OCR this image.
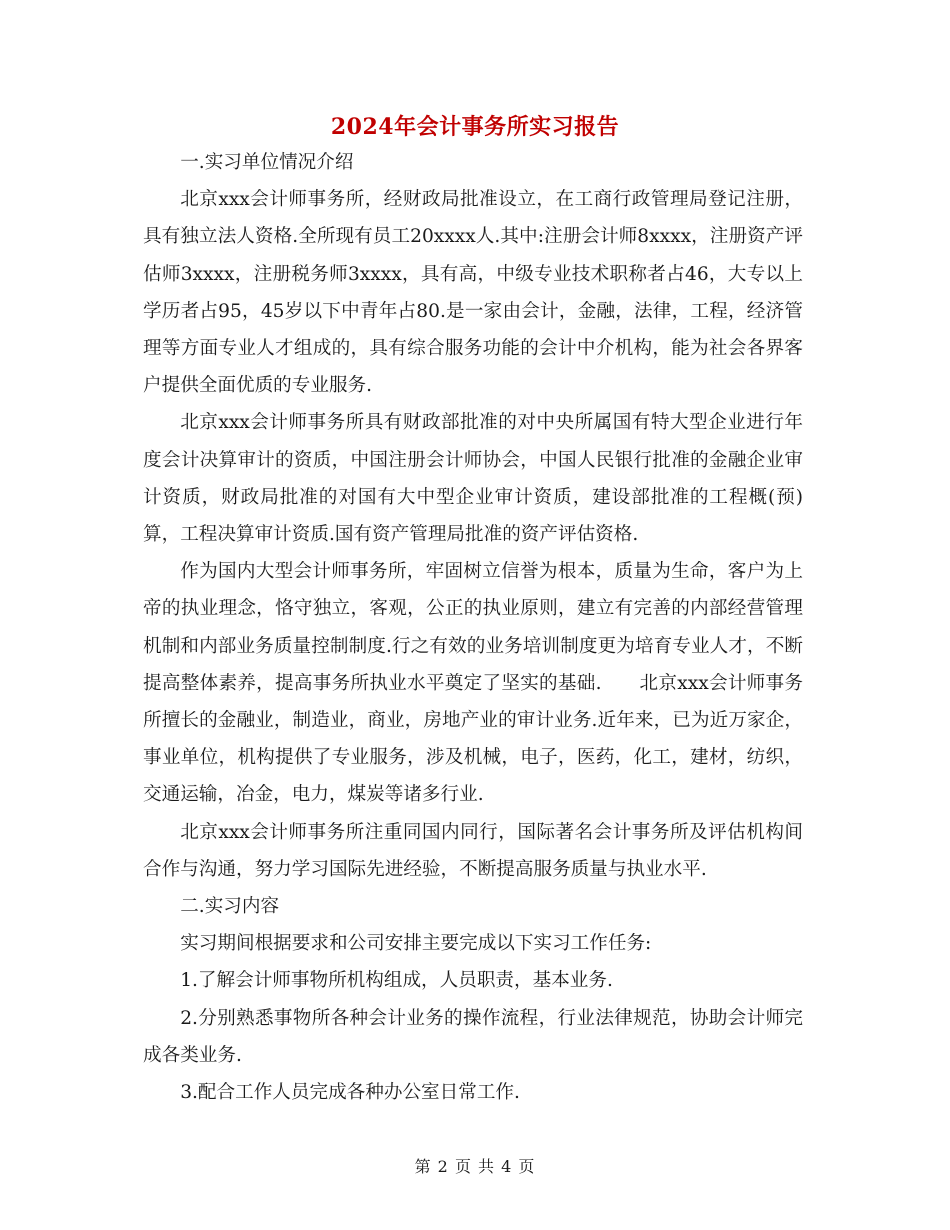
2024年会计事务所实习报告

一.实习单位情况介绍

北京xxx会计师事务所，经财政局批准设立，在工商行政管理局登记注册，具有独立法人资格.全所现有员工20xxxx人.其中:注册会计师8xxxx，注册资产评估师3xxxx，注册税务师3xxxx，具有高，中级专业技术职称者占46，大专以上学历者占95，45岁以下中青年占80.是一家由会计，金融，法律，工程，经济管理等方面专业人才组成的，具有综合服务功能的会计中介机构，能为社会各界客户提供全面优质的专业服务.

北京xxx会计师事务所具有财政部批准的对中央所属国有特大型企业进行年度会计决算审计的资质，中国注册会计师协会，中国人民银行批准的金融企业审计资质，财政局批准的对国有大中型企业审计资质，建设部批准的工程概(预)算，工程决算审计资质.国有资产管理局批准的资产评估资格.

作为国内大型会计师事务所，牢固树立信誉为根本，质量为生命，客户为上帝的执业理念，恪守独立，客观，公正的执业原则，建立有完善的内部经营管理机制和内部业务质量控制制度.行之有效的业务培训制度更为培育专业人才，不断提高整体素养，提高事务所执业水平奠定了坚实的基础.　　北京xxx会计师事务所擅长的金融业，制造业，商业，房地产业的审计业务.近年来，已为近万家企，事业单位，机构提供了专业服务，涉及机械，电子，医药，化工，建材，纺织，交通运输，冶金，电力，煤炭等诸多行业.

北京xxx会计师事务所注重同国内同行，国际著名会计事务所及评估机构间合作与沟通，努力学习国际先进经验，不断提高服务质量与执业水平.

二.实习内容

实习期间根据要求和公司安排主要完成以下实习工作任务:

1.了解会计师事物所机构组成，人员职责，基本业务.

2.分别熟悉事物所各种会计业务的操作流程，行业法律规范，协助会计师完成各类业务.

3.配合工作人员完成各种办公室日常工作.

第 2 页 共 4 页
